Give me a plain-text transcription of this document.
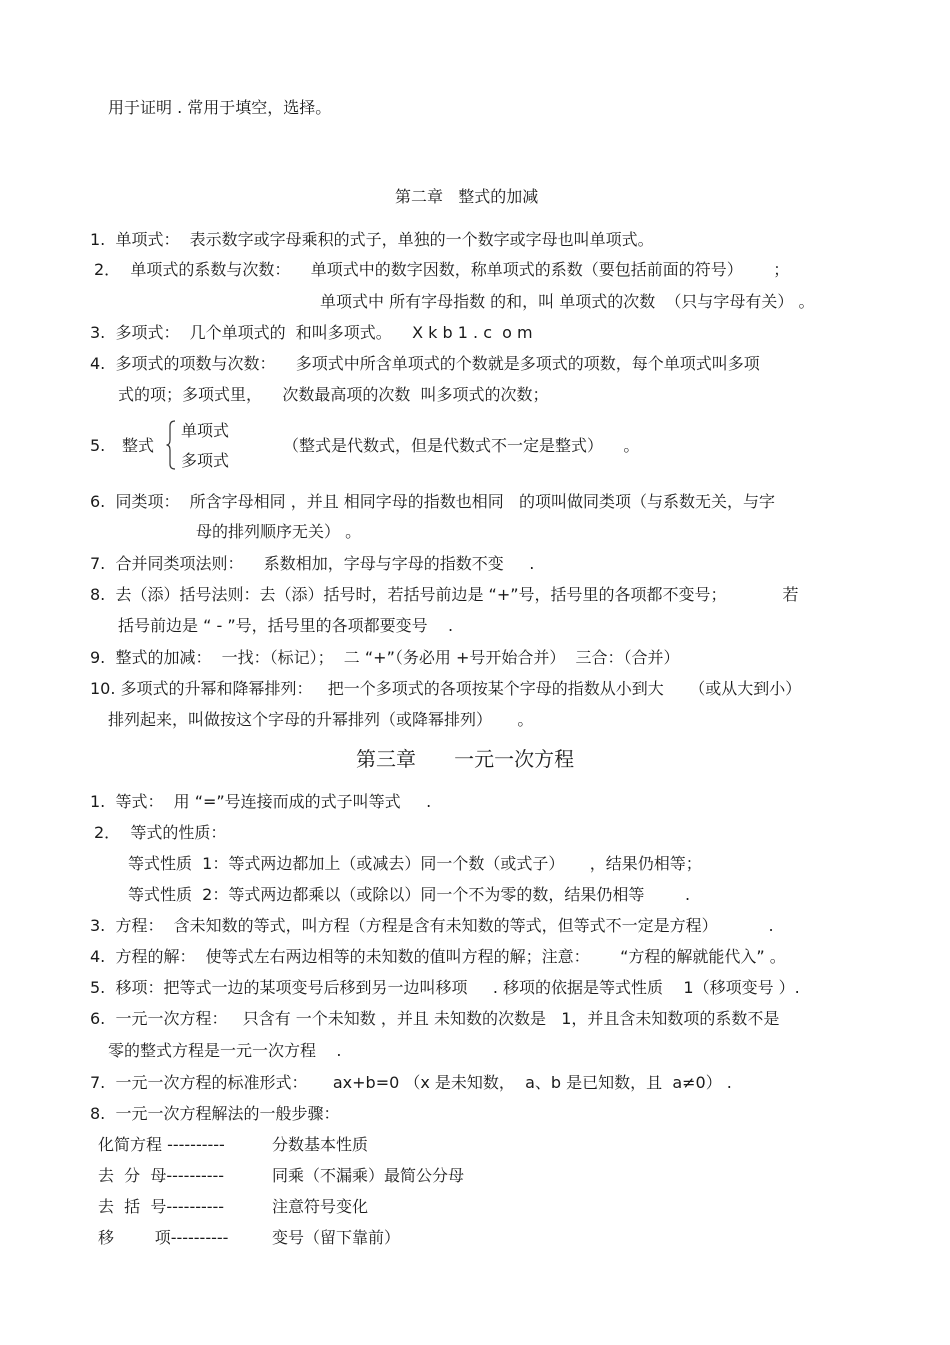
用于证明 . 常用于填空，选择。
第二章   整式的加减
1.  单项式：  表示数字或字母乘积的式子，单独的一个数字或字母也叫单项式。
2．  单项式的系数与次数：    单项式中的数字因数，称单项式的系数（要包括前面的符号）      ；
单项式中 所有字母指数 的和，叫 单项式的次数  （只与字母有关） 。
3.  多项式：  几个单项式的  和叫多项式。    X k b 1 . c  o m
4.  多项式的项数与次数：    多项式中所含单项式的个数就是多项式的项数，每个单项式叫多项
式的项；多项式里，    次数最高项的次数  叫多项式的次数；
5. 整式
单项式
多项式
（整式是代数式，但是代数式不一定是整式）    。
6.  同类项：  所含字母相同 ，并且 相同字母的指数也相同   的项叫做同类项（与系数无关，与字
母的排列顺序无关） 。
7.  合并同类项法则：    系数相加，字母与字母的指数不变     .
8.  去（添）括号法则：去（添）括号时，若括号前边是 “+”号，括号里的各项都不变号；           若
括号前边是 “ - ”号，括号里的各项都要变号    .
9.  整式的加减：  一找：（标记）；  二 “+”（务必用 +号开始合并）  三合：（合并）
10. 多项式的升幂和降幂排列：   把一个多项式的各项按某个字母的指数从小到大     （或从大到小）
排列起来，叫做按这个字母的升幂排列（或降幂排列）     。
第三章      一元一次方程
1.  等式：  用 “=”号连接而成的式子叫等式     .
2．  等式的性质：
等式性质  1：等式两边都加上（或减去）同一个数（或式子）     ，结果仍相等；
等式性质  2：等式两边都乘以（或除以）同一个不为零的数，结果仍相等        .
3.  方程：  含未知数的等式，叫方程（方程是含有未知数的等式，但等式不一定是方程）          .
4.  方程的解：  使等式左右两边相等的未知数的值叫方程的解；注意：      “方程的解就能代入” 。
5.  移项：把等式一边的某项变号后移到另一边叫移项     . 移项的依据是等式性质    1（移项变号 ）.
6.  一元一次方程：   只含有 一个未知数 ，并且 未知数的次数是   1，并且含未知数项的系数不是
零的整式方程是一元一次方程    .
7.  一元一次方程的标准形式：     ax+b=0 （x 是未知数，  a、b 是已知数，且  a≠0） .
8.  一元一次方程解法的一般步骤：
化简方程 ----------	分数基本性质
去  分  母----------	同乘（不漏乘）最简公分母
去  括  号----------	注意符号变化
移        项----------	变号（留下靠前）
